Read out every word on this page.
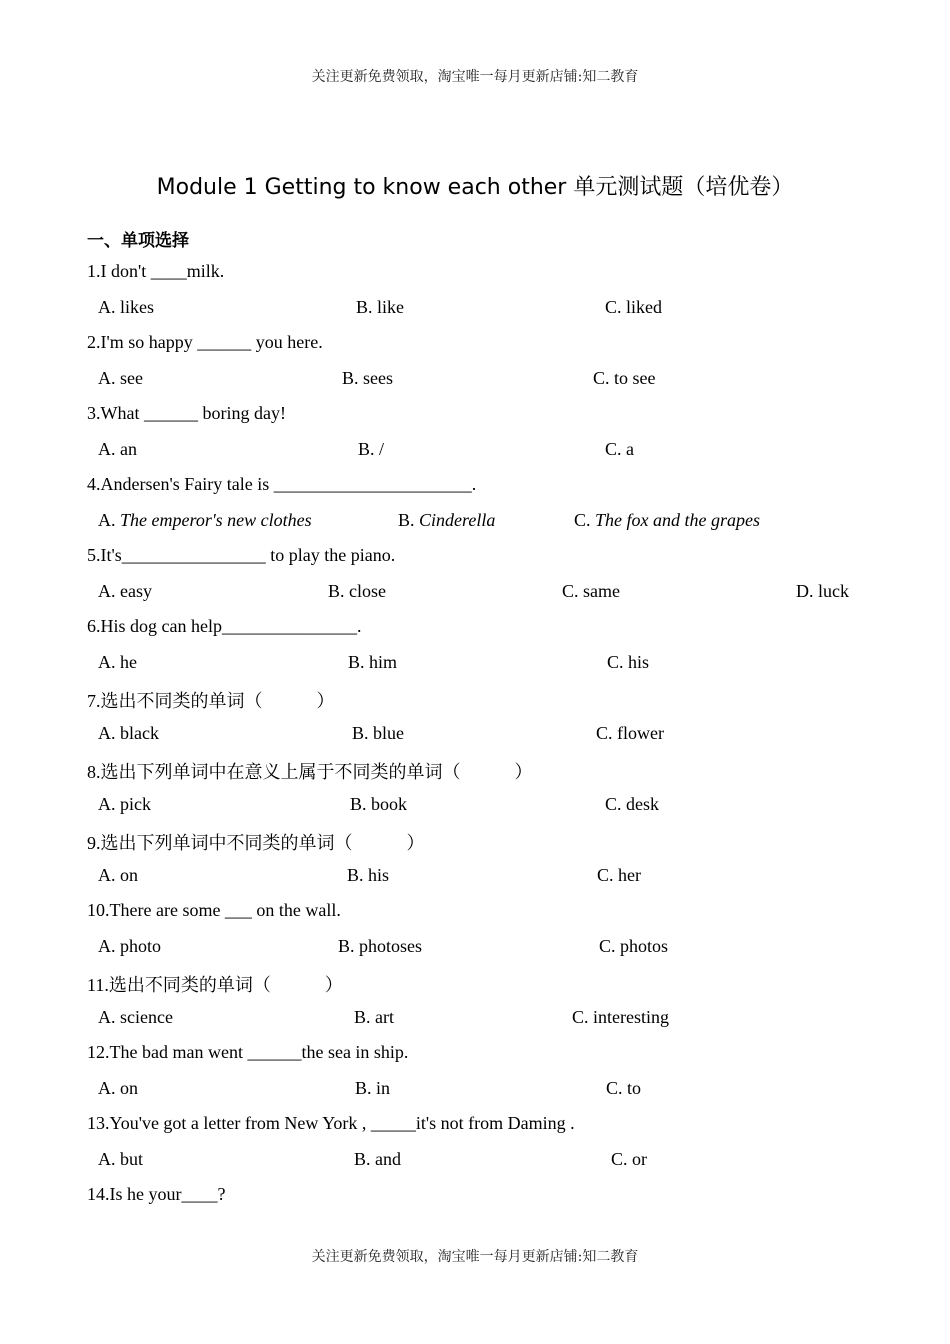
关注更新免费领取，淘宝唯一每月更新店铺:知二教育
Module 1 Getting to know each other 单元测试题（培优卷）
一、单项选择
1.I don't ____milk.
A. likes	B. like	C. liked
2.I'm so happy ______ you here.
A. see	B. sees	C. to see
3.What ______ boring day!
A. an	B. /	C. a
4.Andersen's Fairy tale is ______________________.
A. The emperor's new clothes	B. Cinderella	C. The fox and the grapes
5.It's________________ to play the piano.
A. easy	B. close	C. same	D. luck
6.His dog can help_______________.
A. he	B. him	C. his
7.选出不同类的单词（　　　）
A. black	B. blue	C. flower
8.选出下列单词中在意义上属于不同类的单词（　　　）
A. pick	B. book	C. desk
9.选出下列单词中不同类的单词（　　　）
A. on	B. his	C. her
10.There are some ___ on the wall.
A. photo	B. photoses	C. photos
11.选出不同类的单词（　　　）
A. science	B. art	C. interesting
12.The bad man went ______the sea in ship.
A. on	B. in	C. to
13.You've got a letter from New York , _____it's not from Daming .
A. but	B. and	C. or
14.Is he your____?
关注更新免费领取，淘宝唯一每月更新店铺:知二教育
